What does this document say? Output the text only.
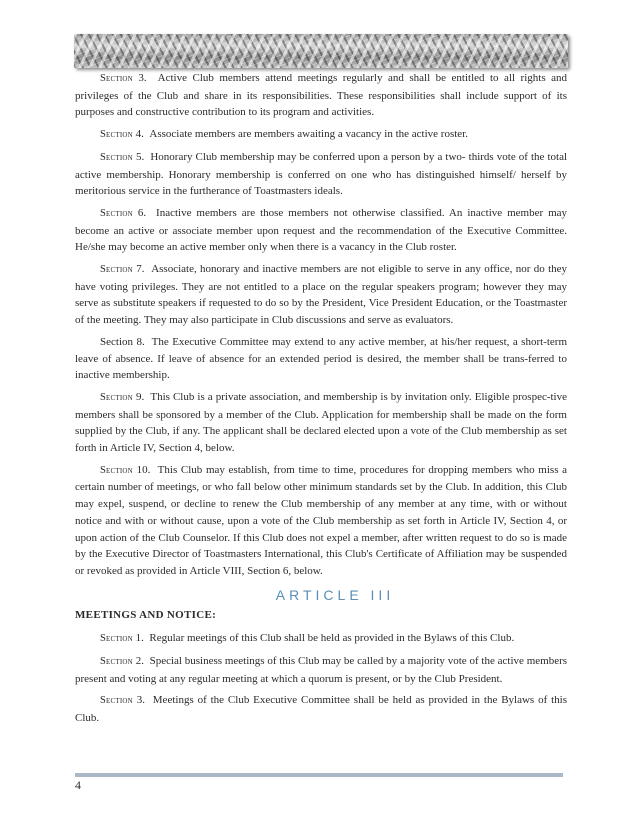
Section 3. Active Club members attend meetings regularly and shall be entitled to all rights and privileges of the Club and share in its responsibilities. These responsibilities shall include support of its purposes and constructive contribution to its program and activities.

Section 4. Associate members are members awaiting a vacancy in the active roster.

Section 5. Honorary Club membership may be conferred upon a person by a two- thirds vote of the total active membership. Honorary membership is conferred on one who has distinguished himself/ herself by meritorious service in the furtherance of Toastmasters ideals.

Section 6. Inactive members are those members not otherwise classified. An inactive member may become an active or associate member upon request and the recommendation of the Executive Committee. He/she may become an active member only when there is a vacancy in the Club roster.

Section 7. Associate, honorary and inactive members are not eligible to serve in any office, nor do they have voting privileges. They are not entitled to a place on the regular speakers program; however they may serve as substitute speakers if requested to do so by the President, Vice President Education, or the Toastmaster of the meeting. They may also participate in Club discussions and serve as evaluators.

Section 8. The Executive Committee may extend to any active member, at his/her request, a short-term leave of absence. If leave of absence for an extended period is desired, the member shall be trans-ferred to inactive membership.

Section 9. This Club is a private association, and membership is by invitation only. Eligible prospec-tive members shall be sponsored by a member of the Club. Application for membership shall be made on the form supplied by the Club, if any. The applicant shall be declared elected upon a vote of the Club membership as set forth in Article IV, Section 4, below.

Section 10. This Club may establish, from time to time, procedures for dropping members who miss a certain number of meetings, or who fall below other minimum standards set by the Club. In addition, this Club may expel, suspend, or decline to renew the Club membership of any member at any time, with or without notice and with or without cause, upon a vote of the Club membership as set forth in Article IV, Section 4, or upon action of the Club Counselor. If this Club does not expel a member, after written request to do so is made by the Executive Director of Toastmasters International, this Club's Certificate of Affiliation may be suspended or revoked as provided in Article VIII, Section 6, below.

ARTICLE III
MEETINGS AND NOTICE:

Section 1. Regular meetings of this Club shall be held as provided in the Bylaws of this Club.

Section 2. Special business meetings of this Club may be called by a majority vote of the active members present and voting at any regular meeting at which a quorum is present, or by the Club President.

Section 3. Meetings of the Club Executive Committee shall be held as provided in the Bylaws of this Club.

4
